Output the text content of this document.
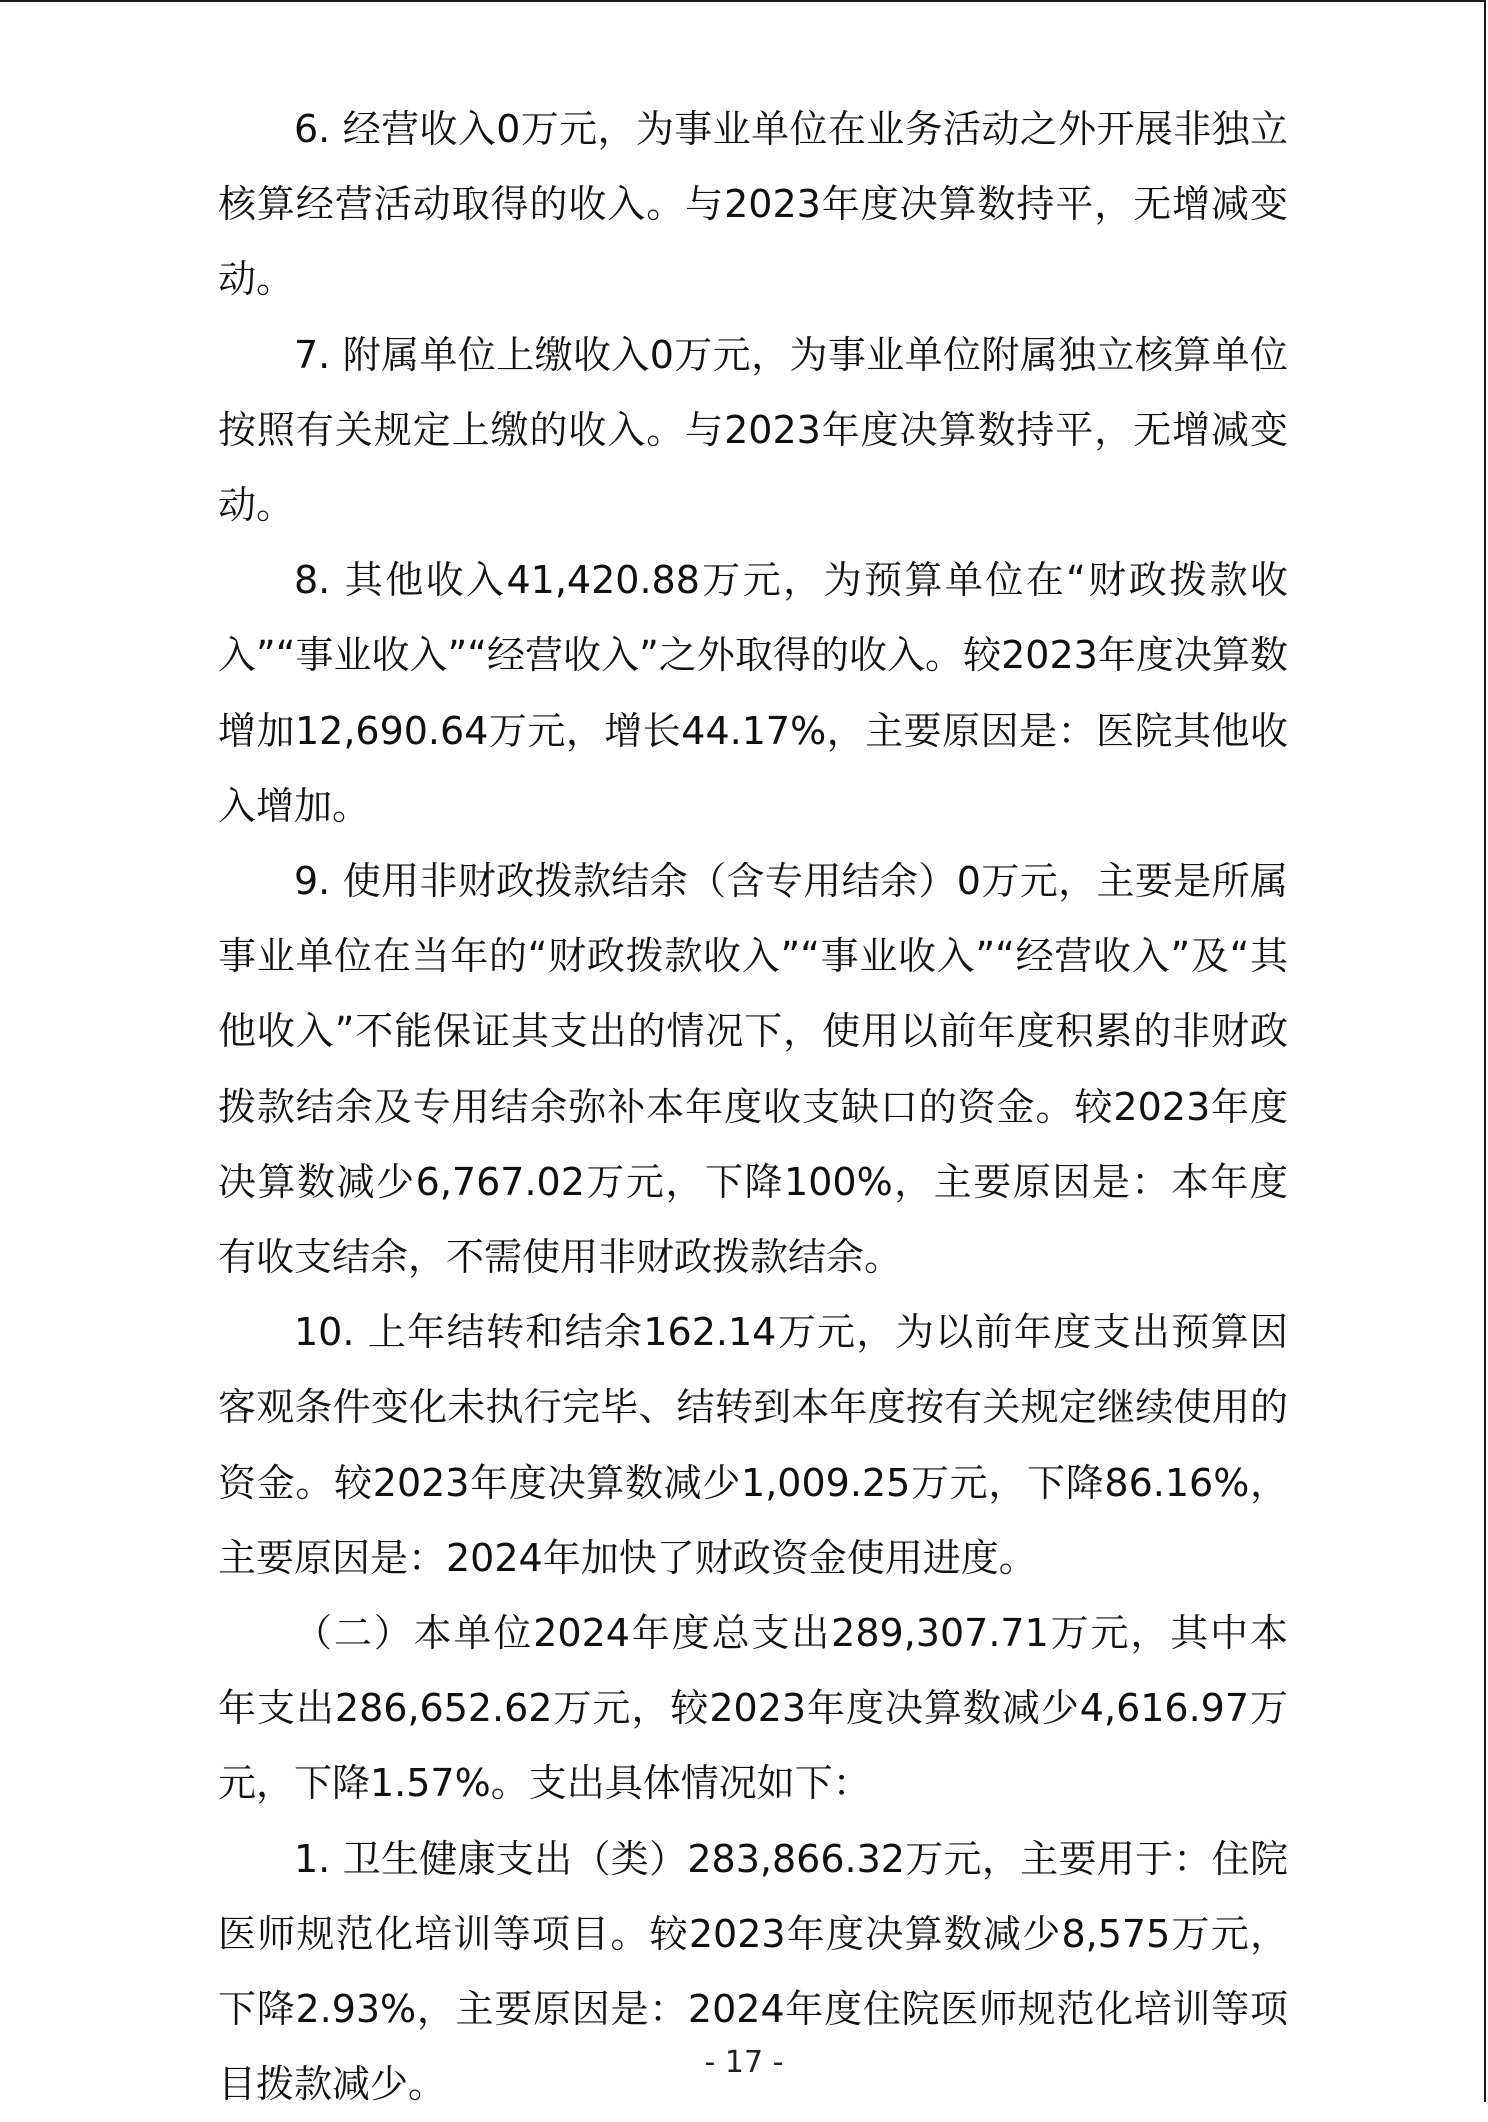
6. 经营收入0万元，为事业单位在业务活动之外开展非独立核算经营活动取得的收入。与2023年度决算数持平，无增减变动。

7. 附属单位上缴收入0万元，为事业单位附属独立核算单位按照有关规定上缴的收入。与2023年度决算数持平，无增减变动。

8. 其他收入41,420.88万元，为预算单位在“财政拨款收入”“事业收入”“经营收入”之外取得的收入。较2023年度决算数增加12,690.64万元，增长44.17%，主要原因是：医院其他收入增加。

9. 使用非财政拨款结余（含专用结余）0万元，主要是所属事业单位在当年的“财政拨款收入”“事业收入”“经营收入”及“其他收入”不能保证其支出的情况下，使用以前年度积累的非财政拨款结余及专用结余弥补本年度收支缺口的资金。较2023年度决算数减少6,767.02万元，下降100%，主要原因是：本年度有收支结余，不需使用非财政拨款结余。

10. 上年结转和结余162.14万元，为以前年度支出预算因客观条件变化未执行完毕、结转到本年度按有关规定继续使用的资金。较2023年度决算数减少1,009.25万元，下降86.16%，主要原因是：2024年加快了财政资金使用进度。

（二）本单位2024年度总支出289,307.71万元，其中本年支出286,652.62万元，较2023年度决算数减少4,616.97万元，下降1.57%。支出具体情况如下：

1. 卫生健康支出（类）283,866.32万元，主要用于：住院医师规范化培训等项目。较2023年度决算数减少8,575万元，下降2.93%，主要原因是：2024年度住院医师规范化培训等项目拨款减少。	- 17 -
